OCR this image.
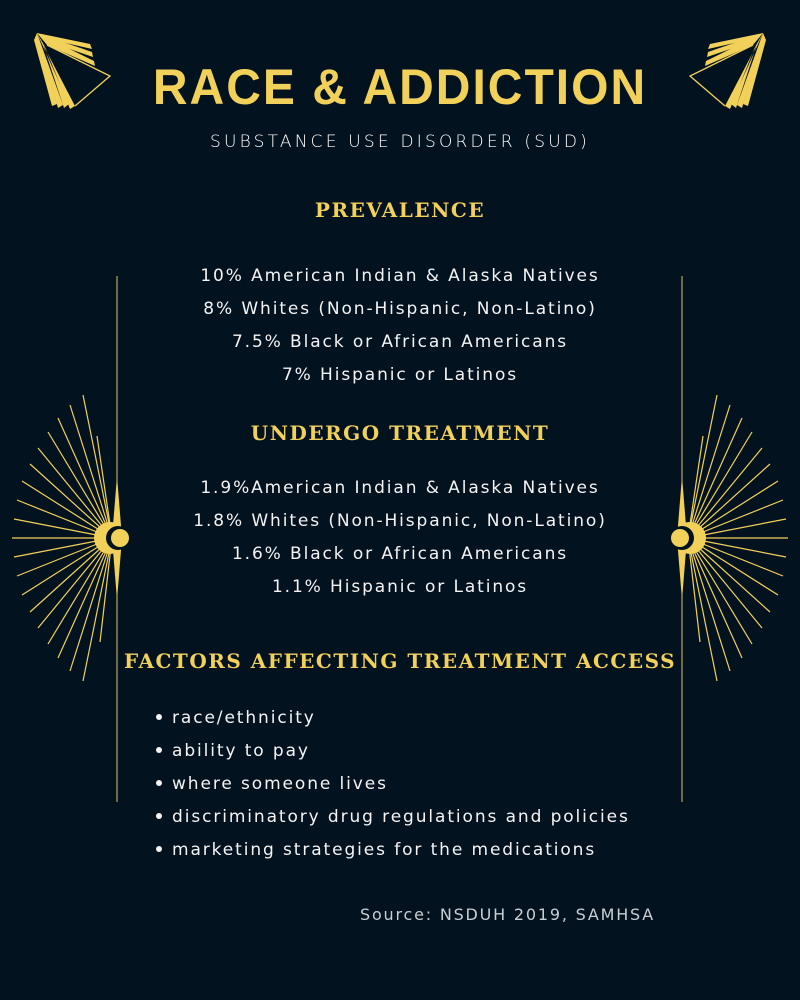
RACE & ADDICTION
SUBSTANCE USE DISORDER (SUD)
PREVALENCE
10% American Indian & Alaska Natives
8% Whites (Non-Hispanic, Non-Latino)
7.5% Black or African Americans
7% Hispanic or Latinos
UNDERGO TREATMENT
1.9%American Indian & Alaska Natives
1.8% Whites (Non-Hispanic, Non-Latino)
1.6% Black or African Americans
1.1% Hispanic or Latinos
FACTORS AFFECTING TREATMENT ACCESS
race/ethnicity
ability to pay
where someone lives
discriminatory drug regulations and policies
marketing strategies for the medications
Source: NSDUH 2019, SAMHSA
